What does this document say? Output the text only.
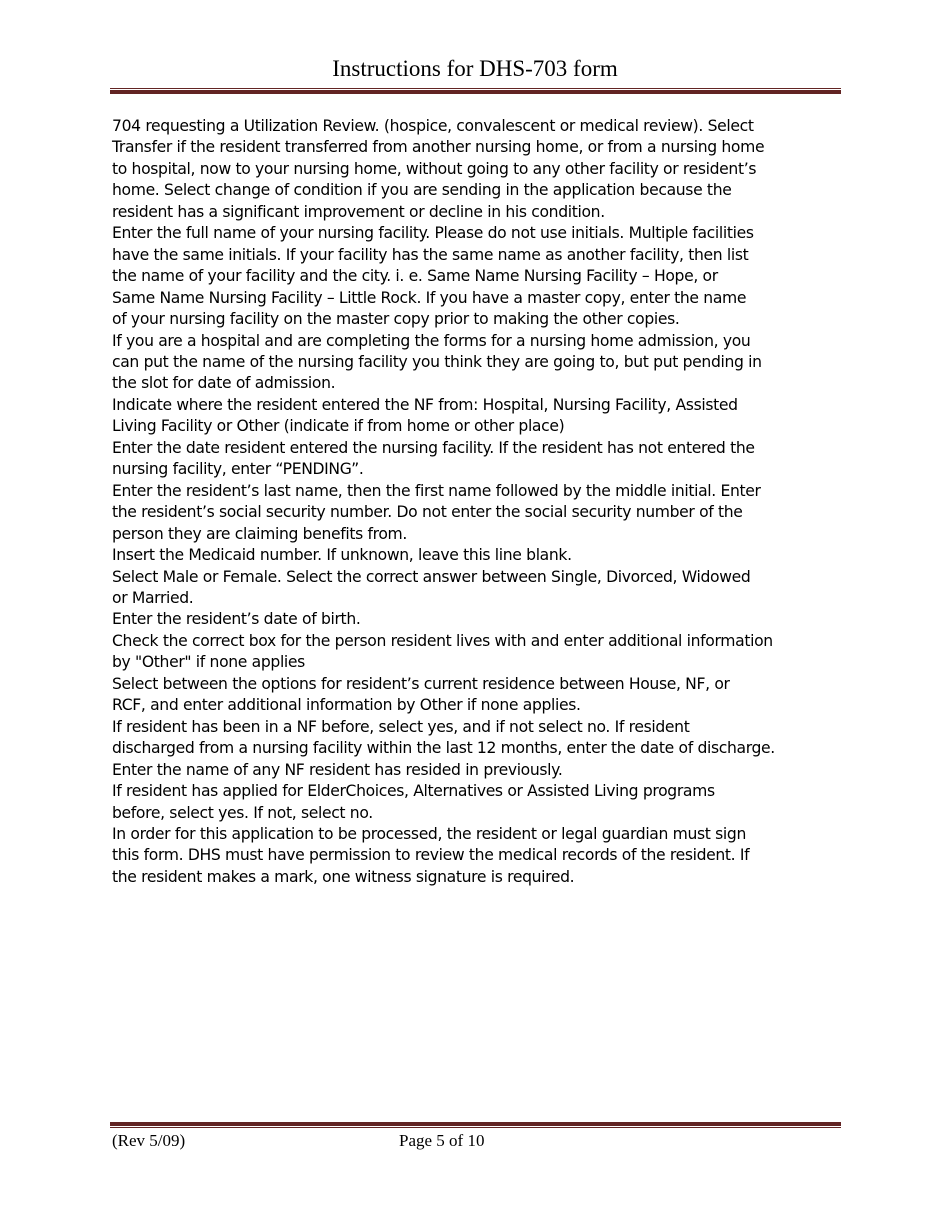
Instructions for DHS-703 form
704 requesting a Utilization Review. (hospice, convalescent or medical review). Select
Transfer if the resident transferred from another nursing home, or from a nursing home
to hospital, now to your nursing home, without going to any other facility or resident’s
home. Select change of condition if you are sending in the application because the
resident has a significant improvement or decline in his condition.
Enter the full name of your nursing facility. Please do not use initials. Multiple facilities
have the same initials. If your facility has the same name as another facility, then list
the name of your facility and the city. i. e. Same Name Nursing Facility – Hope, or
Same Name Nursing Facility – Little Rock. If you have a master copy, enter the name
of your nursing facility on the master copy prior to making the other copies.
If you are a hospital and are completing the forms for a nursing home admission, you
can put the name of the nursing facility you think they are going to, but put pending in
the slot for date of admission.
Indicate where the resident entered the NF from: Hospital, Nursing Facility, Assisted
Living Facility or Other (indicate if from home or other place)
Enter the date resident entered the nursing facility. If the resident has not entered the
nursing facility, enter “PENDING”.
Enter the resident’s last name, then the first name followed by the middle initial. Enter
the resident’s social security number. Do not enter the social security number of the
person they are claiming benefits from.
Insert the Medicaid number. If unknown, leave this line blank.
Select Male or Female. Select the correct answer between Single, Divorced, Widowed
or Married.
Enter the resident’s date of birth.
Check the correct box for the person resident lives with and enter additional information
by "Other" if none applies
Select between the options for resident’s current residence between House, NF, or
RCF, and enter additional information by Other if none applies.
If resident has been in a NF before, select yes, and if not select no. If resident
discharged from a nursing facility within the last 12 months, enter the date of discharge.
Enter the name of any NF resident has resided in previously.
If resident has applied for ElderChoices, Alternatives or Assisted Living programs
before, select yes. If not, select no.
In order for this application to be processed, the resident or legal guardian must sign
this form. DHS must have permission to review the medical records of the resident. If
the resident makes a mark, one witness signature is required.
(Rev 5/09)	Page 5 of 10
